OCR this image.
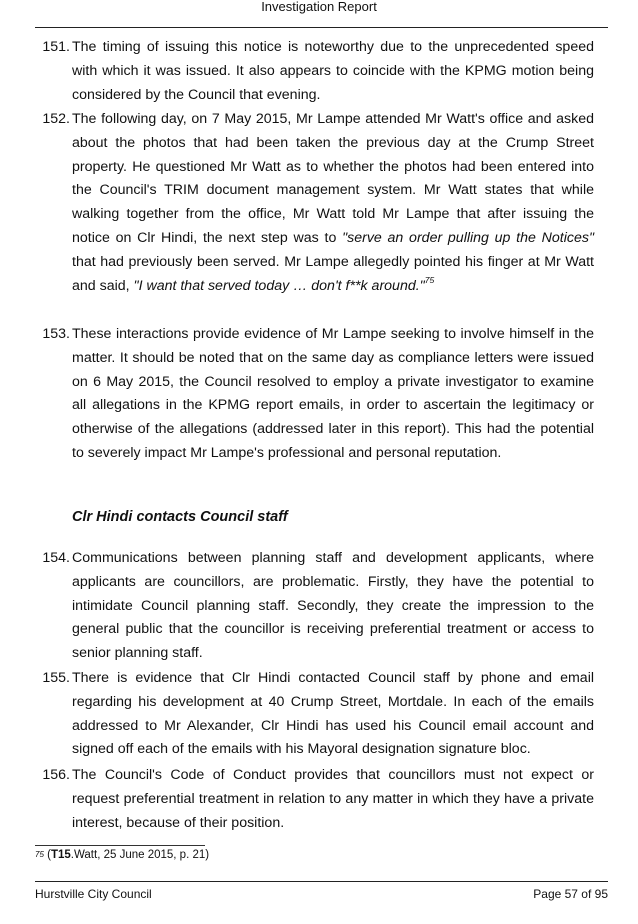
Investigation Report
151. The timing of issuing this notice is noteworthy due to the unprecedented speed with which it was issued. It also appears to coincide with the KPMG motion being considered by the Council that evening.
152. The following day, on 7 May 2015, Mr Lampe attended Mr Watt's office and asked about the photos that had been taken the previous day at the Crump Street property. He questioned Mr Watt as to whether the photos had been entered into the Council's TRIM document management system. Mr Watt states that while walking together from the office, Mr Watt told Mr Lampe that after issuing the notice on Clr Hindi, the next step was to "serve an order pulling up the Notices" that had previously been served. Mr Lampe allegedly pointed his finger at Mr Watt and said, "I want that served today … don't f**k around."$^{75}$
153. These interactions provide evidence of Mr Lampe seeking to involve himself in the matter. It should be noted that on the same day as compliance letters were issued on 6 May 2015, the Council resolved to employ a private investigator to examine all allegations in the KPMG report emails, in order to ascertain the legitimacy or otherwise of the allegations (addressed later in this report). This had the potential to severely impact Mr Lampe's professional and personal reputation.
Clr Hindi contacts Council staff
154. Communications between planning staff and development applicants, where applicants are councillors, are problematic. Firstly, they have the potential to intimidate Council planning staff. Secondly, they create the impression to the general public that the councillor is receiving preferential treatment or access to senior planning staff.
155. There is evidence that Clr Hindi contacted Council staff by phone and email regarding his development at 40 Crump Street, Mortdale. In each of the emails addressed to Mr Alexander, Clr Hindi has used his Council email account and signed off each of the emails with his Mayoral designation signature bloc.
156. The Council's Code of Conduct provides that councillors must not expect or request preferential treatment in relation to any matter in which they have a private interest, because of their position.
$^{75}$ (T15.Watt, 25 June 2015, p. 21)
Hurstville City Council	Page 57 of 95
